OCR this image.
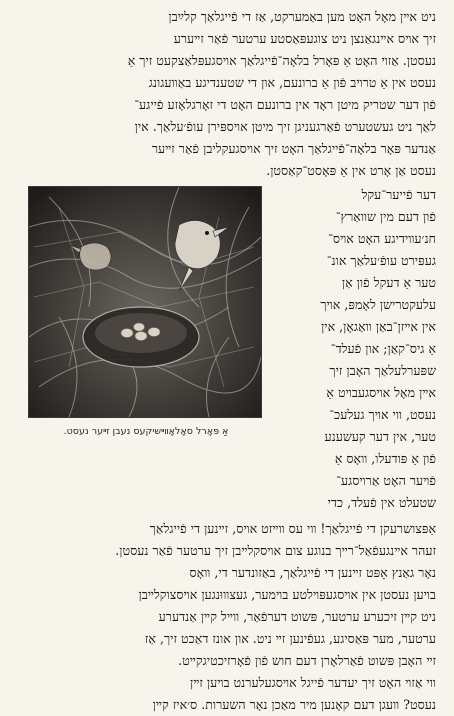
ניט אײן מאָל האָט מען באַמערקט, אַז די פֿייגלאַך קלײַבן
זיך אױס אײנגאַנצן ניט צוגעפּאַסטע ערטער פֿאַר זײערע
נעסטן. אַזױ האָט אַ פּאָרל בלאָה־פֿייגלאַך אױסגעפּלאַצקעט זיך אַ
נעסט אין אַ טרױב פֿון אַ ברונעם, און די שטענדיגע באַװעגונג
פֿון דער שטריק מיטן ראָד אין ברונעם האָט די זאָרגלאָזע פֿייגע־
לאַך ניט געשטערט פֿאַרגעניגן זיך מיטן אױספּירן עופֿ׳עלאַך. אין
אַנדער פּאָר בלאָה־פֿייגלאַך האָט זיך אױסגעקליבן פֿאַר זײער
נעסט אַן אָרט אין אַ פּאָסט־קאַסטן.
דער פֿייער־עקל
פֿון דעם מין שװאַרץ־
חנ׳עװידיגע האָט אױס־
געפּירט עופֿ׳עלאַך אונ־
טער אַ דעקל פֿון אַן
עלעקטרישן לאָמפּ, אױך
אין אײזן־באַן װאַגאָן, אין
אַ גיס־קאַן; און פֿעלד־
שפּערלעלאַך האָבן זיך
אײן מאָל אױסגעבױט אַ
נעסט, װי אױך געלעכ־
טער, אין דער קעשענע
פֿון אַ פּודעלו, װאָס אַ
פֿױער האָט אַרױסגע־
שטעלט אין פֿעלד, כדי
אַ פּאָרל סאָלאָװײשיקעס נעבן זײער נעסט.
אַפּצושרעקן די פֿייגלאַך! װי עס װײזט אױס, זײנען די פֿייגלאַך
זעהר אײנגעפֿאַל־רײך בנוגע צום אױסקלײבן זיך ערטער פֿאַר נעסטן.
נאָר גאַנץ אָפּט זײנען די פֿייגלאַך, באַזונדער די, װאָס
בױען נעסטן אין אױסגעפּױלטע בױמער, געצװוּנגען אױסצוקלײבן
ניט קײן זיכערע ערטער, פּשוט דערפֿאַר, װײל קײן אַנדערע
ערטער, מער פּאַסיגע, געפֿינען זײ ניט. און אונז דאַכט זיך, אַז
זײ האָבן פּשוט פֿאַרלאָרן דעם חוש פֿון פֿאָרזיכטיגקײט.
װי אַזױ האָט זיך יעדער פֿייגל אױסגעלערנט בױען זײן
נעסט? װעגן דעם קאָנען מיר מאַכן נאָר השערות. ס׳איז קײן
